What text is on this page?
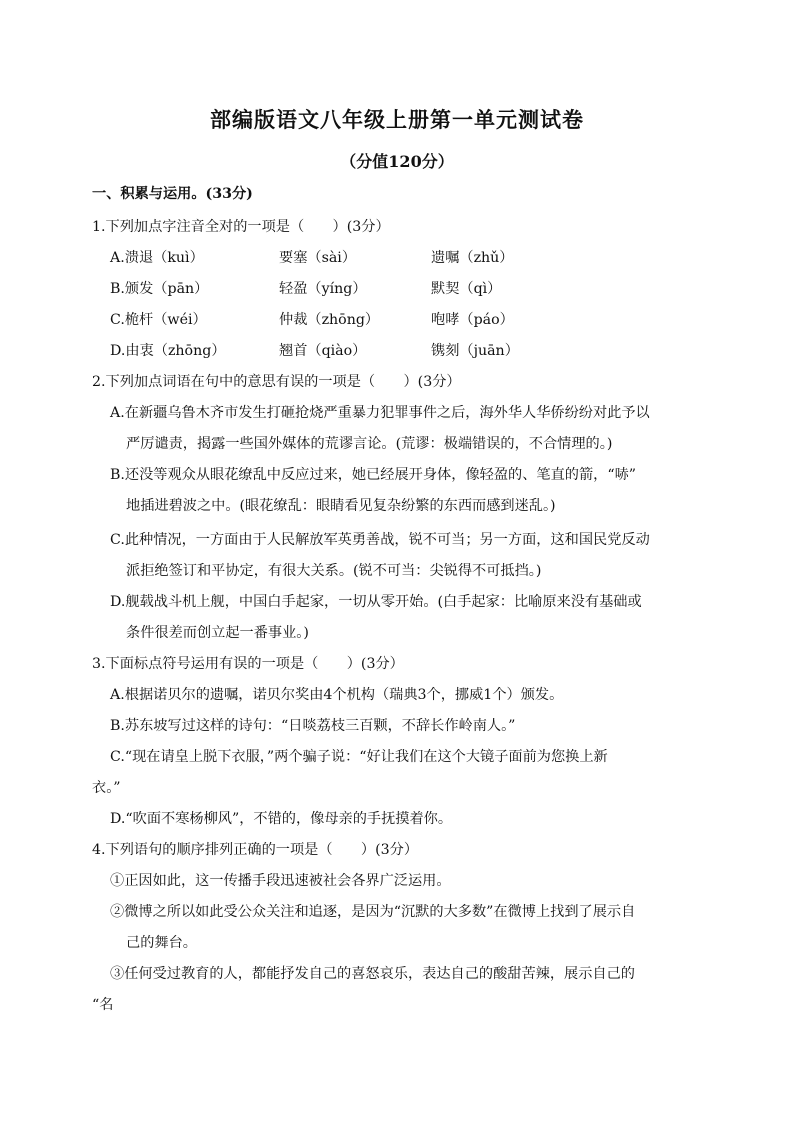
部编版语文八年级上册第一单元测试卷
（分值120分）
一、积累与运用。(33分)
1.下列加点字注音全对的一项是（　　）(3分）
A.溃退（kuì）	要塞（sài）	遗嘱（zhǔ）
B.颁发（pān）	轻盈（yíng）	默契（qì）
C.桅杆（wéi）	仲裁（zhōng）	咆哮（páo）
D.由衷（zhōng）	翘首（qiào）	镌刻（juān）
2.下列加点词语在句中的意思有误的一项是（　　）(3分）
A.在新疆乌鲁木齐市发生打砸抢烧严重暴力犯罪事件之后，海外华人华侨纷纷对此予以
严厉谴责，揭露一些国外媒体的荒谬言论。(荒谬：极端错误的，不合情理的。)
B.还没等观众从眼花缭乱中反应过来，她已经展开身体，像轻盈的、笔直的箭，“哧”
地插进碧波之中。(眼花缭乱：眼睛看见复杂纷繁的东西而感到迷乱。)
C.此种情况，一方面由于人民解放军英勇善战，锐不可当；另一方面，这和国民党反动
派拒绝签订和平协定，有很大关系。(锐不可当：尖锐得不可抵挡。)
D.舰载战斗机上舰，中国白手起家，一切从零开始。(白手起家：比喻原来没有基础或
条件很差而创立起一番事业。)
3.下面标点符号运用有误的一项是（　　）(3分）
A.根据诺贝尔的遗嘱，诺贝尔奖由4个机构（瑞典3个，挪威1个）颁发。
B.苏东坡写过这样的诗句：“日啖荔枝三百颗，不辞长作岭南人。”
C.“现在请皇上脱下衣服，”两个骗子说：“好让我们在这个大镜子面前为您换上新
衣。”
D.“吹面不寒杨柳风”，不错的，像母亲的手抚摸着你。
4.下列语句的顺序排列正确的一项是（　　）(3分）
①正因如此，这一传播手段迅速被社会各界广泛运用。
②微博之所以如此受公众关注和追逐，是因为“沉默的大多数”在微博上找到了展示自
己的舞台。
③任何受过教育的人，都能抒发自己的喜怒哀乐，表达自己的酸甜苦辣，展示自己的
“名
